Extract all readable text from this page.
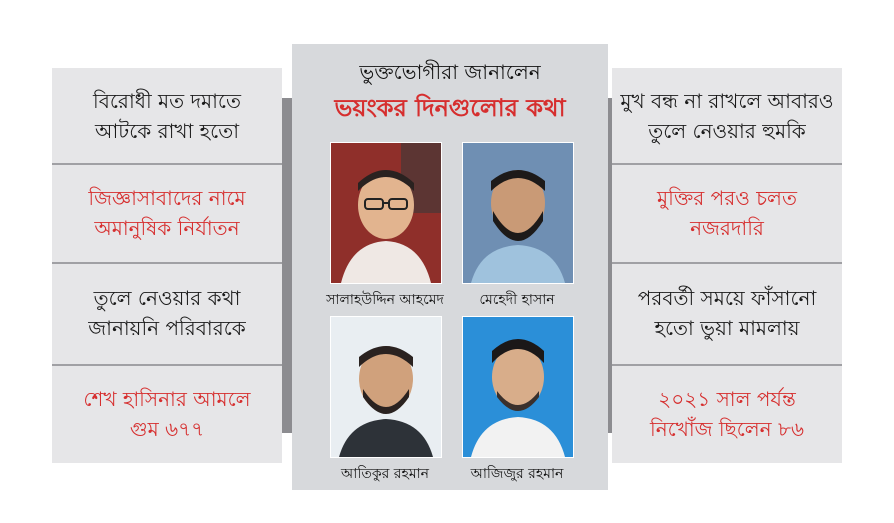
বিরোধী মত দমাতে
আটকে রাখা হতো
জিজ্ঞাসাবাদের নামে
অমানুষিক নির্যাতন
তুলে নেওয়ার কথা
জানায়নি পরিবারকে
শেখ হাসিনার আমলে
গুম ৬৭৭
মুখ বন্ধ না রাখলে আবারও
তুলে নেওয়ার হুমকি
মুক্তির পরও চলত
নজরদারি
পরবর্তী সময়ে ফাঁসানো
হতো ভুয়া মামলায়
২০২১ সাল পর্যন্ত
নিখোঁজ ছিলেন ৮৬
ভুক্তভোগীরা জানালেন
ভয়ংকর দিনগুলোর কথা
সালাহউদ্দিন আহমেদ	মেহেদী হাসান
আতিকুর রহমান	আজিজুর রহমান
